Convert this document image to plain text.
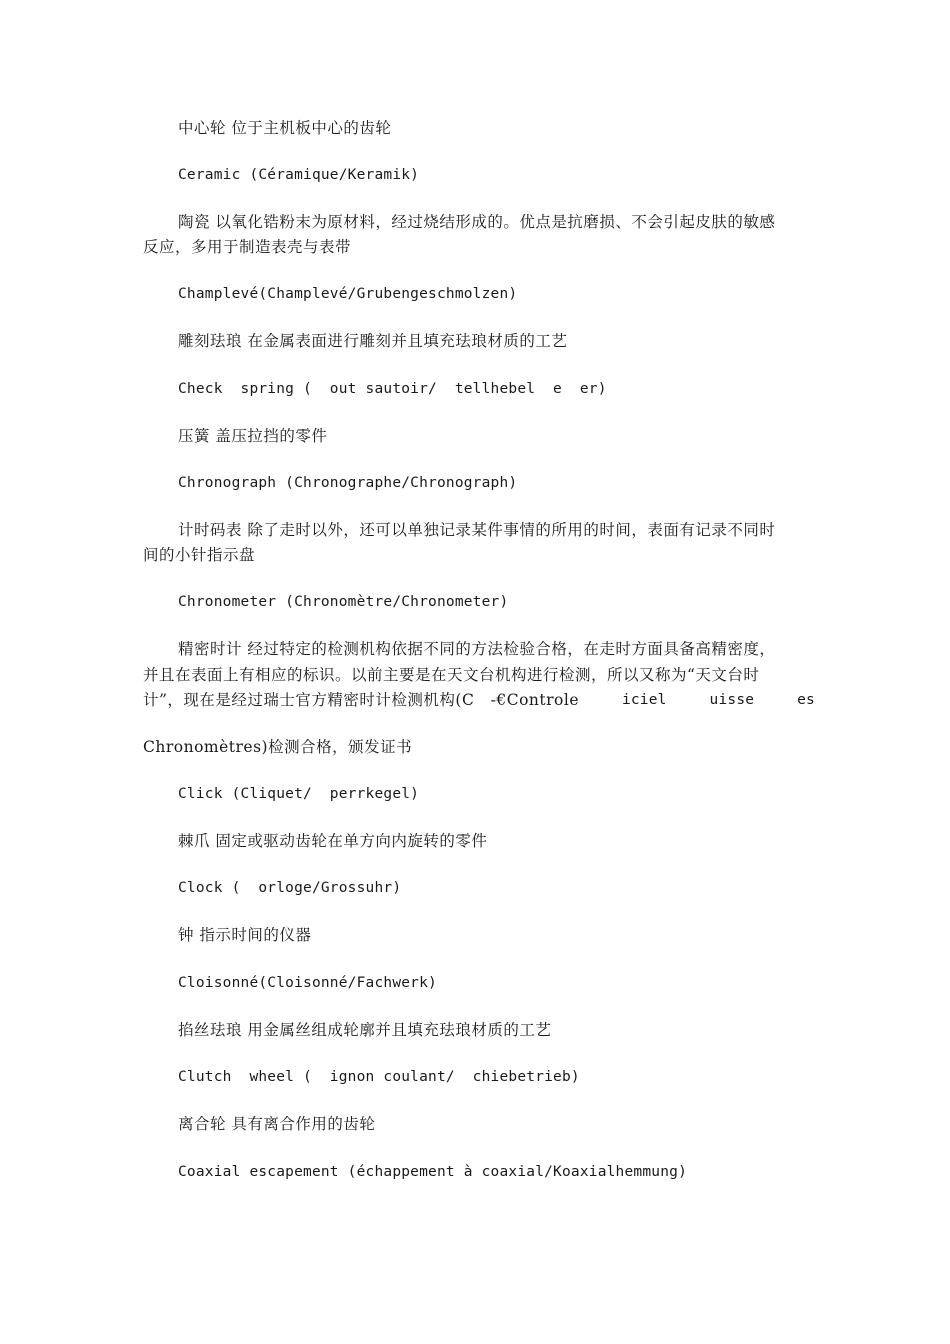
中心轮 位于主机板中心的齿轮
Ceramic (Céramique/Keramik)
陶瓷 以氧化锆粉末为原材料，经过烧结形成的。优点是抗磨损、不会引起皮肤的敏感
反应，多用于制造表壳与表带
Champlevé(Champlevé/Grubengeschmolzen)
雕刻珐琅 在金属表面进行雕刻并且填充珐琅材质的工艺
Check  spring (  out sautoir/  tellhebel  e  er)
压簧 盖压拉挡的零件
Chronograph (Chronographe/Chronograph)
计时码表 除了走时以外，还可以单独记录某件事情的所用的时间，表面有记录不同时
间的小针指示盘
Chronometer (Chronomètre/Chronometer)
精密时计 经过特定的检测机构依据不同的方法检验合格，在走时方面具备高精密度，
并且在表面上有相应的标识。以前主要是在天文台机构进行检测，所以又称为“天文台时
计”，现在是经过瑞士官方精密时计检测机构(C   -€Controle	iciel	uisse	es
Chronomètres)检测合格，颁发证书
Click (Cliquet/  perrkegel)
棘爪 固定或驱动齿轮在单方向内旋转的零件
Clock (  orloge/Grossuhr)
钟 指示时间的仪器
Cloisonné(Cloisonné/Fachwerk)
掐丝珐琅 用金属丝组成轮廓并且填充珐琅材质的工艺
Clutch  wheel (  ignon coulant/  chiebetrieb)
离合轮 具有离合作用的齿轮
Coaxial escapement (échappement à coaxial/Koaxialhemmung)
